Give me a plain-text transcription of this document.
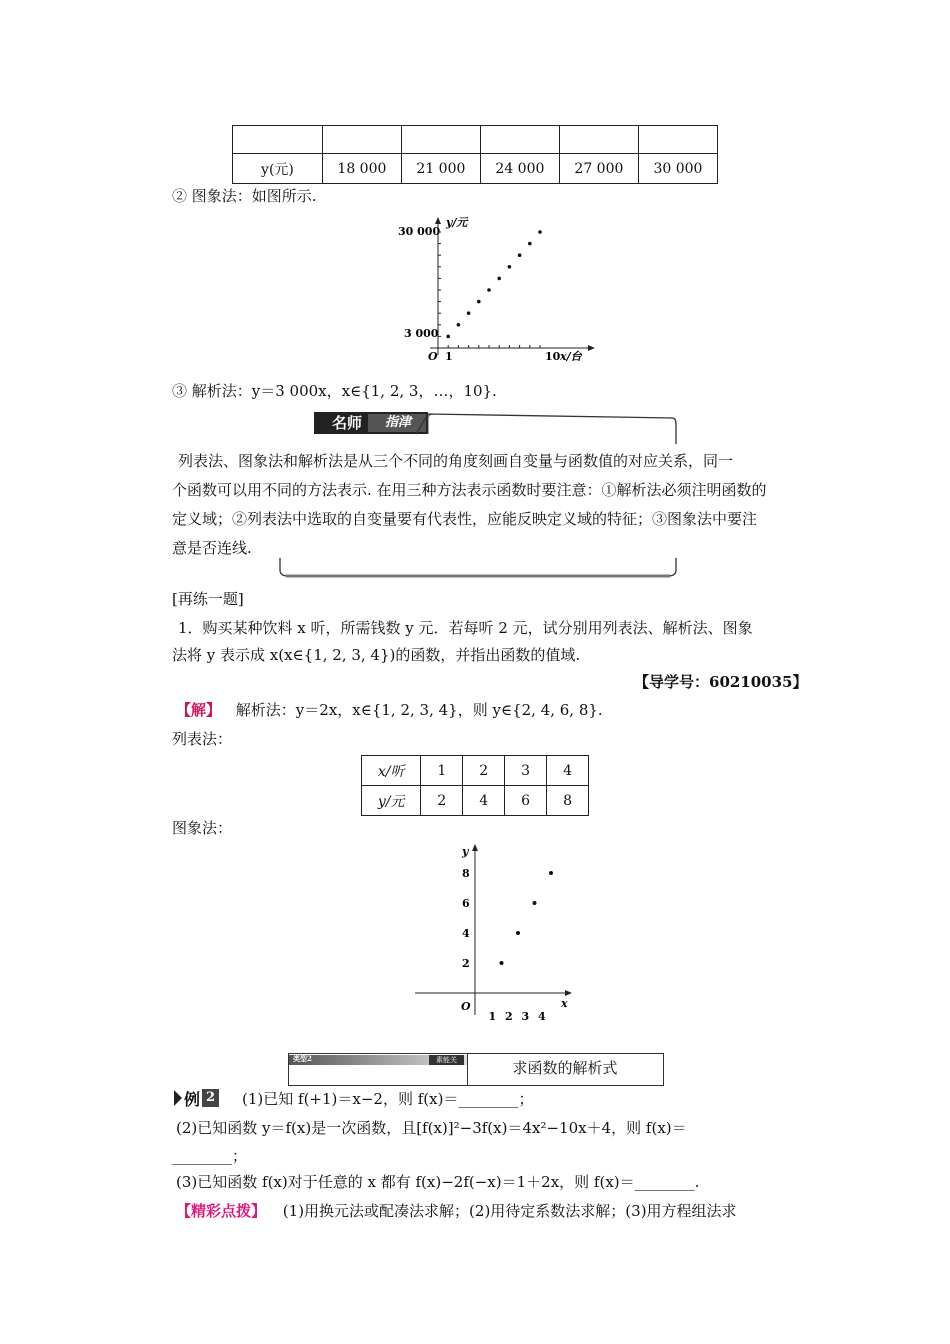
y(元)	18 000	21 000	24 000	27 000	30 000
② 图象法：如图所示.
y/元
30 000
3 000
O 1	10 x/台
③ 解析法：y＝3 000x，x∈{1, 2, 3，…，10}.
名师	指津
列表法、图象法和解析法是从三个不同的角度刻画自变量与函数值的对应关系，同一
个函数可以用不同的方法表示. 在用三种方法表示函数时要注意：①解析法必须注明函数的
定义域；②列表法中选取的自变量要有代表性，应能反映定义域的特征；③图象法中要注
意是否连线.
[再练一题]
1．购买某种饮料 x 听，所需钱数 y 元．若每听 2 元，试分别用列表法、解析法、图象
法将 y 表示成 x(x∈{1, 2, 3, 4})的函数，并指出函数的值域.
【导学号：60210035】
【解】 解析法：y＝2x，x∈{1, 2, 3, 4}，则 y∈{2, 4, 6, 8}.
列表法：
x/听	1	2	3	4
y/元	2	4	6	8
图象法：
y
x
O
1 2 3 4
2
4
6
8
类型2	素能关	求函数的解析式
例 2 (1)已知 f(+1)＝x−2，则 f(x)＝________；
(2)已知函数 y＝f(x)是一次函数，且[f(x)]²−3f(x)＝4x²−10x＋4，则 f(x)＝
________；
(3)已知函数 f(x)对于任意的 x 都有 f(x)−2f(−x)＝1＋2x，则 f(x)＝________.
【精彩点拨】 (1)用换元法或配凑法求解；(2)用待定系数法求解；(3)用方程组法求
